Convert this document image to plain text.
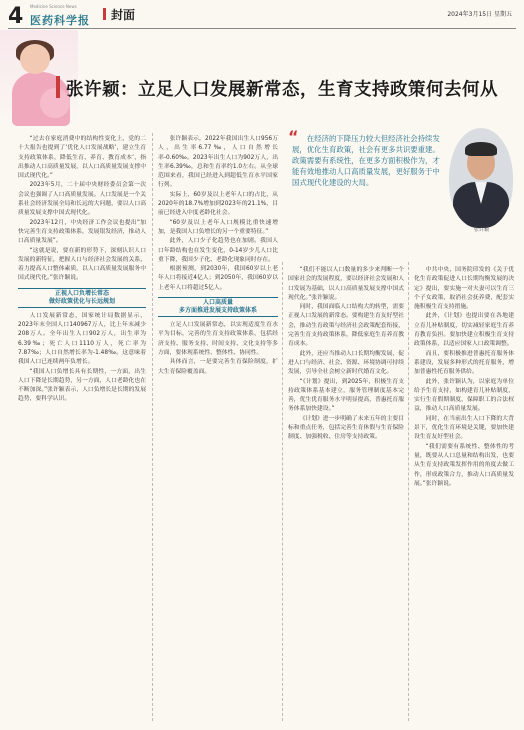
4 Medicine Science News
医药科学报 封面	2024年3月15日 星期五
张许颖：立足人口发展新常态，生育支持政策何去何从
“	在经济的下降压力较大但经济社会持续发展，优化生育政策，社会有更多共识要重建。政策需要有系统性，在更多方面积极作为，才能有效地推动人口高质量发展，更好服务于中国式现代化建设的大局。
张许颖

“过去在家庭消费中的结构性变化上，党的二十大报告也提到了‘优化人口发展战略’，建立生育支持政策体系，降低生育、养育、教育成本’，指出推动人口高质量发展，以人口高质量发展支撑中国式现代化。”

2023年5月，二十届中央财经委员会第一次会议也强调了人口高质量发展。人口发展是一个关系社会经济发展全局和长远的大问题，要以人口高质量发展支撑中国式现代化。

2023年12月，中央经济工作会议也提出“加快完善生育支持政策体系，发展银发经济，推动人口高质量发展”。

“这就是说，要在新的形势下，深刻认识人口发展的新特征，把握人口与经济社会发展的关系，着力提高人口整体素质，以人口高质量发展服务中国式现代化。”张许颖说。

正视人口负增长常态
做好政策优化与长远规划

人口发展新常态，国家统计局数据显示，2023年末全国人口140967万人，比上年末减少208万人。全年出生人口902万人，出生率为6.39‰；死亡人口1110万人，死亡率为7.87‰；人口自然增长率为-1.48‰。这意味着我国人口已连续两年负增长。

“我国人口负增长具有长期性，一方面，出生人口下降是长期趋势，另一方面，人口老龄化也在不断加深。”张许颖表示，人口负增长是长期的发展趋势，要科学认识。

张许颖表示，2022年我国出生人口956万人，出生率6.77‰，人口自然增长率-0.60‰。2023年出生人口为902万人，出生率6.39‰，总和生育率约1.0左右。从全球范围来看，我国已经进入到超低生育水平国家行列。

实际上，60岁及以上老年人口的占比，从2020年的18.7%增加到2023年的21.1%，目前已经进入中度老龄化社会。

“60岁及以上老年人口规模比重快速增加，是我国人口负增长的另一个重要特征。”

此外，人口少子化趋势也在加剧。我国人口年龄结构也在发生变化，0-14岁少儿人口比重下降，我国少子化、老龄化现象同时存在。

根据预测，到2030年，我国60岁以上老年人口将接近4亿人；到2050年，我国60岁以上老年人口将超过5亿人。

人口高质量
多方面推进发展支持政策体系

立足人口发展新常态，以实现适度生育水平为目标，完善的生育支持政策体系，包括经济支持、服务支持、时间支持、文化支持等多方面，要体现系统性、整体性、协同性。

具体而言，一是要完善生育保险制度，扩大生育保险覆盖面。

“我们不能以人口数量的多少来判断一个国家社会的发展程度，要以经济社会发展和人口发展为基础，以人口高质量发展支撑中国式现代化。”张许颖说。

同时，我国面临人口结构大的转型，需要正视人口发展的新常态。要构建生育友好型社会，推动生育政策与经济社会政策配套衔接，完善生育支持政策体系，降低家庭生育养育教育成本。

此外，还应当推动人口长期均衡发展，促进人口与经济、社会、资源、环境协调可持续发展，引导全社会树立新时代婚育文化。

“《计划》提出，到2025年，积极生育支持政策体系基本建立，服务管理制度基本完善，优生优育服务水平明显提高，普惠托育服务体系加快建设。”

《计划》进一步明确了未来五年的主要目标和重点任务，包括完善生育休假与生育保险制度、加强税收、住房等支持政策。

中共中央、国务院印发的《关于优化生育政策促进人口长期均衡发展的决定》提出，要实施一对夫妻可以生育三个子女政策，取消社会抚养费，配套实施积极生育支持措施。

此外，《计划》也提出要在各地建立育儿补贴制度，切实减轻家庭生育养育教育负担。要加快建立积极生育支持政策体系，以适应国家人口政策调整。

而且，要积极推进普惠托育服务体系建设，发展多种形式的托育服务，增加普惠性托育服务供给。

此外，张许颖认为，以家庭为单位给予生育支持，如构建育儿补贴制度，实行生育假期制度，保障职工的合法权益，推动人口高质量发展。

同时，在当前出生人口下降的大背景下，优化生育环境是关键，要加快建设生育友好型社会。

“我们需要有系统性、整体性的考量，既要从人口总量和结构出发，也要从生育支持政策发挥作用的角度去做工作，形成政策合力，推动人口高质量发展。”张许颖说。
